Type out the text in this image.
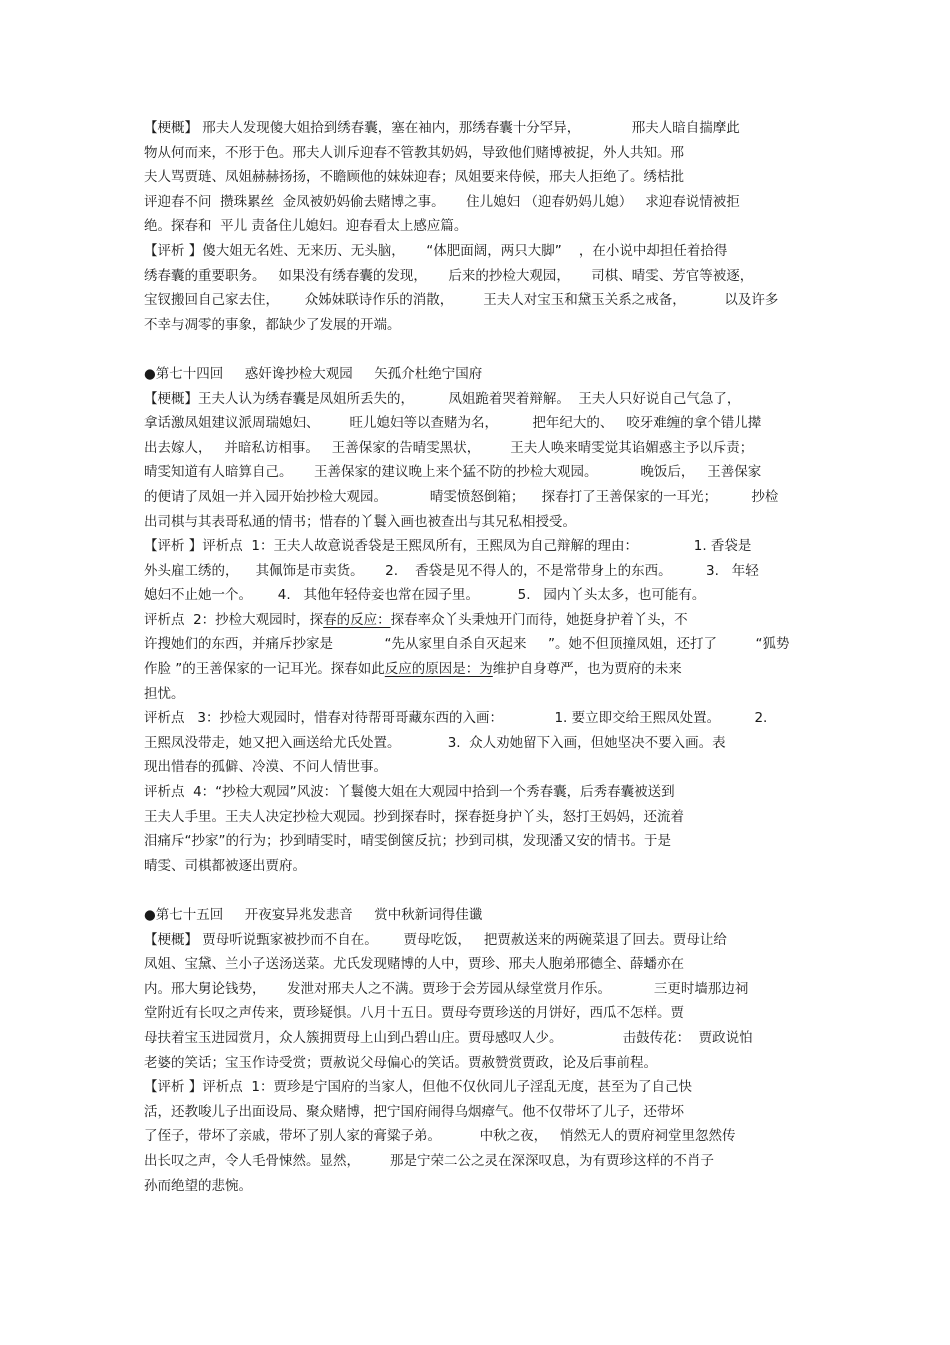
【梗概】 邢夫人发现傻大姐拾到绣春囊，塞在袖内，那绣春囊十分罕异，            邢夫人暗自揣摩此
物从何而来，不形于色。邢夫人训斥迎春不管教其奶妈，导致他们赌博被捉，外人共知。邢
夫人骂贾琏、凤姐赫赫扬扬，不瞻顾他的妹妹迎春；凤姐要来侍候，邢夫人拒绝了。绣桔批
评迎春不问  攒珠累丝  金凤被奶妈偷去赌博之事。     住儿媳妇 （迎春奶妈儿媳）   求迎春说情被拒
绝。探春和  平儿 责备住儿媳妇。迎春看太上感应篇。
【评析 】傻大姐无名姓、无来历、无头脑，     “体肥面阔，两只大脚”    ，在小说中却担任着拾得
绣春囊的重要职务。   如果没有绣春囊的发现，     后来的抄检大观园，     司棋、晴雯、芳官等被逐，
宝钗搬回自己家去住，      众姊妹联诗作乐的消散，       王夫人对宝玉和黛玉关系之戒备，         以及许多
不幸与凋零的事象，都缺少了发展的开端。
●第七十四回     惑奸谗抄检大观园     矢孤介杜绝宁国府
【梗概】王夫人认为绣春囊是凤姐所丢失的，        凤姐跪着哭着辩解。  王夫人只好说自己气急了，
拿话激凤姐建议派周瑞媳妇、       旺儿媳妇等以查赌为名，        把年纪大的、   咬牙难缠的拿个错儿撵
出去嫁人，   并暗私访相事。   王善保家的告晴雯黑状，       王夫人唤来晴雯觉其谄媚惑主予以斥责；
晴雯知道有人暗算自己。     王善保家的建议晚上来个猛不防的抄检大观园。          晚饭后，   王善保家
的便请了凤姐一并入园开始抄检大观园。          晴雯愤怒倒箱；    探春打了王善保家的一耳光；        抄检
出司棋与其表哥私通的情书；惜春的丫鬟入画也被查出与其兄私相授受。
【评析 】评析点  1：王夫人故意说香袋是王熙凤所有，王熙凤为自己辩解的理由：             1. 香袋是
外头雇工绣的，    其佩饰是市卖货。     2.    香袋是见不得人的，不是常带身上的东西。        3.   年轻
媳妇不止她一个。      4.   其他年轻侍妾也常在园子里。         5.   园内丫头太多，也可能有。
评析点  2：抄检大观园时，探春的反应：探春率众丫头秉烛开门而待，她挺身护着丫头，不
许搜她们的东西，并痛斥抄家是            “先从家里自杀自灭起来     ”。她不但顶撞凤姐，还打了         “狐势
作脸 ”的王善保家的一记耳光。探春如此反应的原因是：为维护自身尊严，也为贾府的未来
担忧。
评析点   3：抄检大观园时，惜春对待帮哥哥藏东西的入画：            1. 要立即交给王熙凤处置。        2.
王熙凤没带走，她又把入画送给尤氏处置。           3.  众人劝她留下入画，但她坚决不要入画。表
现出惜春的孤僻、冷漠、不问人情世事。
评析点  4：“抄检大观园”风波：丫鬟傻大姐在大观园中拾到一个秀春囊，后秀春囊被送到
王夫人手里。王夫人决定抄检大观园。抄到探春时，探春挺身护丫头，怒打王妈妈，还流着
泪痛斥“抄家”的行为；抄到晴雯时，晴雯倒箧反抗；抄到司棋，发现潘又安的情书。于是
晴雯、司棋都被逐出贾府。
●第七十五回     开夜宴异兆发悲音     赏中秋新词得佳谶
【梗概】 贾母听说甄家被抄而不自在。      贾母吃饭，   把贾赦送来的两碗菜退了回去。贾母让给
凤姐、宝黛、兰小子送汤送菜。尤氏发现赌博的人中，贾珍、邢夫人胞弟邢德全、薛蟠亦在
内。邢大舅论钱势，     发泄对邢夫人之不满。贾珍于会芳园从绿堂赏月作乐。          三更时墙那边祠
堂附近有长叹之声传来，贾珍疑惧。八月十五日。贾母夸贾珍送的月饼好，西瓜不怎样。贾
母扶着宝玉进园赏月，众人簇拥贾母上山到凸碧山庄。贾母感叹人少。              击鼓传花：  贾政说怕
老婆的笑话；宝玉作诗受赏；贾赦说父母偏心的笑话。贾赦赞赏贾政，论及后事前程。
【评析 】评析点  1：贾珍是宁国府的当家人，但他不仅伙同儿子淫乱无度，甚至为了自己快
活，还教唆儿子出面设局、聚众赌博，把宁国府闹得乌烟瘴气。他不仅带坏了儿子，还带坏
了侄子，带坏了亲戚，带坏了别人家的膏粱子弟。         中秋之夜，   悄然无人的贾府祠堂里忽然传
出长叹之声，令人毛骨悚然。显然，       那是宁荣二公之灵在深深叹息，为有贾珍这样的不肖子
孙而绝望的悲惋。
